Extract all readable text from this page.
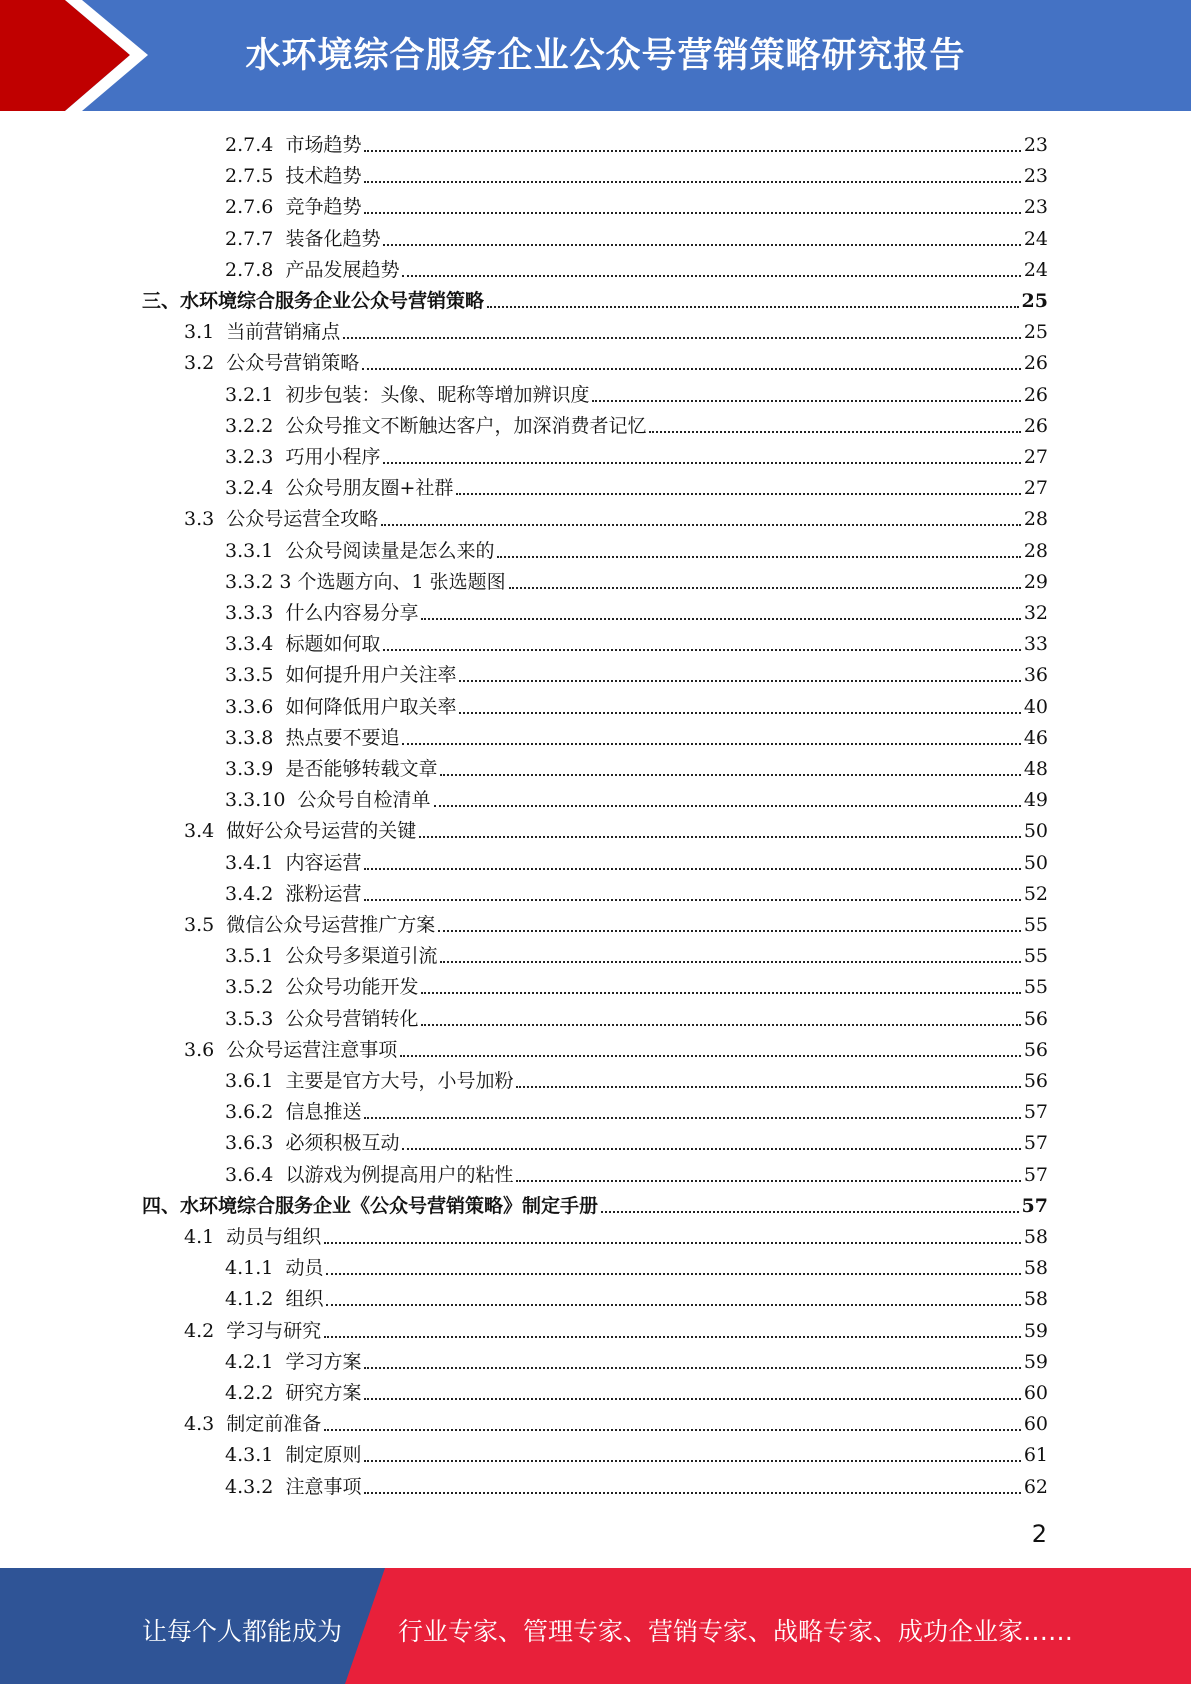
水环境综合服务企业公众号营销策略研究报告
2.7.4 市场趋势	23
2.7.5 技术趋势	23
2.7.6 竞争趋势	23
2.7.7 装备化趋势	24
2.7.8 产品发展趋势	24
三、 水环境综合服务企业公众号营销策略	25
3.1 当前营销痛点	25
3.2 公众号营销策略	26
3.2.1 初步包装：头像、昵称等增加辨识度	26
3.2.2 公众号推文不断触达客户，加深消费者记忆	26
3.2.3 巧用小程序	27
3.2.4 公众号朋友圈+社群	27
3.3 公众号运营全攻略	28
3.3.1 公众号阅读量是怎么来的	28
3.3.2 3 个选题方向、1 张选题图	29
3.3.3 什么内容易分享	32
3.3.4 标题如何取	33
3.3.5 如何提升用户关注率	36
3.3.6 如何降低用户取关率	40
3.3.8 热点要不要追	46
3.3.9 是否能够转载文章	48
3.3.10 公众号自检清单	49
3.4 做好公众号运营的关键	50
3.4.1 内容运营	50
3.4.2 涨粉运营	52
3.5 微信公众号运营推广方案	55
3.5.1 公众号多渠道引流	55
3.5.2 公众号功能开发	55
3.5.3 公众号营销转化	56
3.6 公众号运营注意事项	56
3.6.1 主要是官方大号，小号加粉	56
3.6.2 信息推送	57
3.6.3 必须积极互动	57
3.6.4 以游戏为例提高用户的粘性	57
四、 水环境综合服务企业《公众号营销策略》制定手册	57
4.1 动员与组织	58
4.1.1 动员	58
4.1.2 组织	58
4.2 学习与研究	59
4.2.1 学习方案	59
4.2.2 研究方案	60
4.3 制定前准备	60
4.3.1 制定原则	61
4.3.2 注意事项	62
2
让每个人都能成为 行业专家、管理专家、营销专家、战略专家、成功企业家……
